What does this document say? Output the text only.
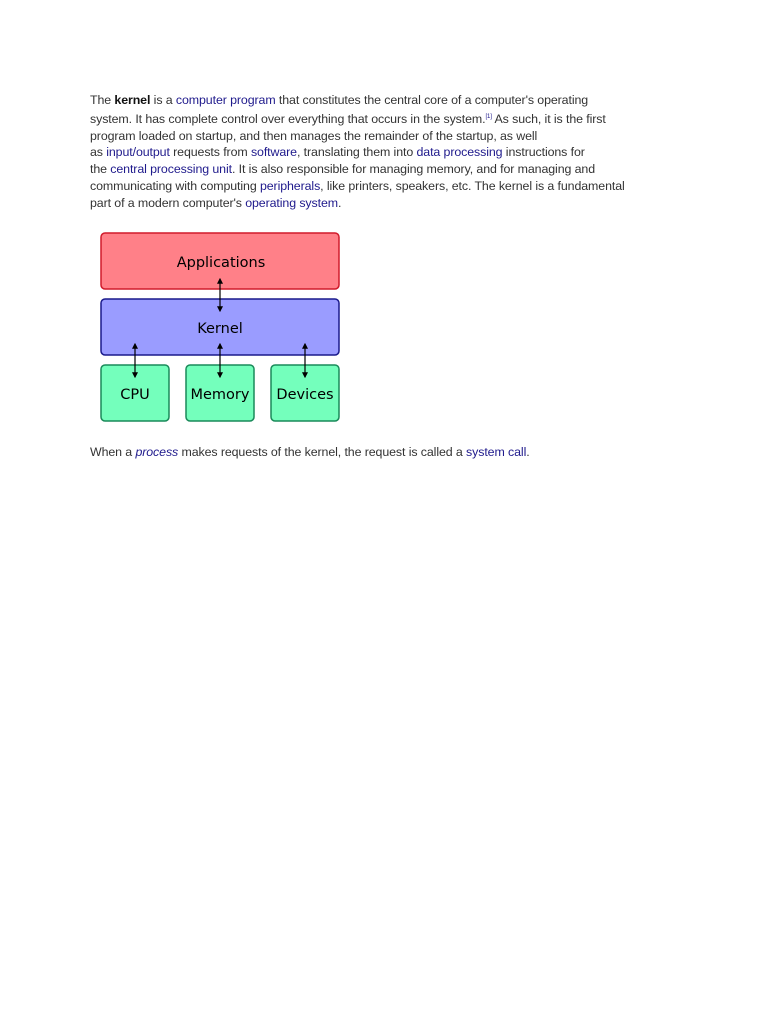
The kernel is a computer program that constitutes the central core of a computer's operating
system. It has complete control over everything that occurs in the system.[1] As such, it is the first
program loaded on startup, and then manages the remainder of the startup, as well
as input/output requests from software, translating them into data processing instructions for
the central processing unit. It is also responsible for managing memory, and for managing and
communicating with computing peripherals, like printers, speakers, etc. The kernel is a fundamental
part of a modern computer's operating system.
Applications
Kernel
CPU	Memory Devices
When a process makes requests of the kernel, the request is called a system call.
